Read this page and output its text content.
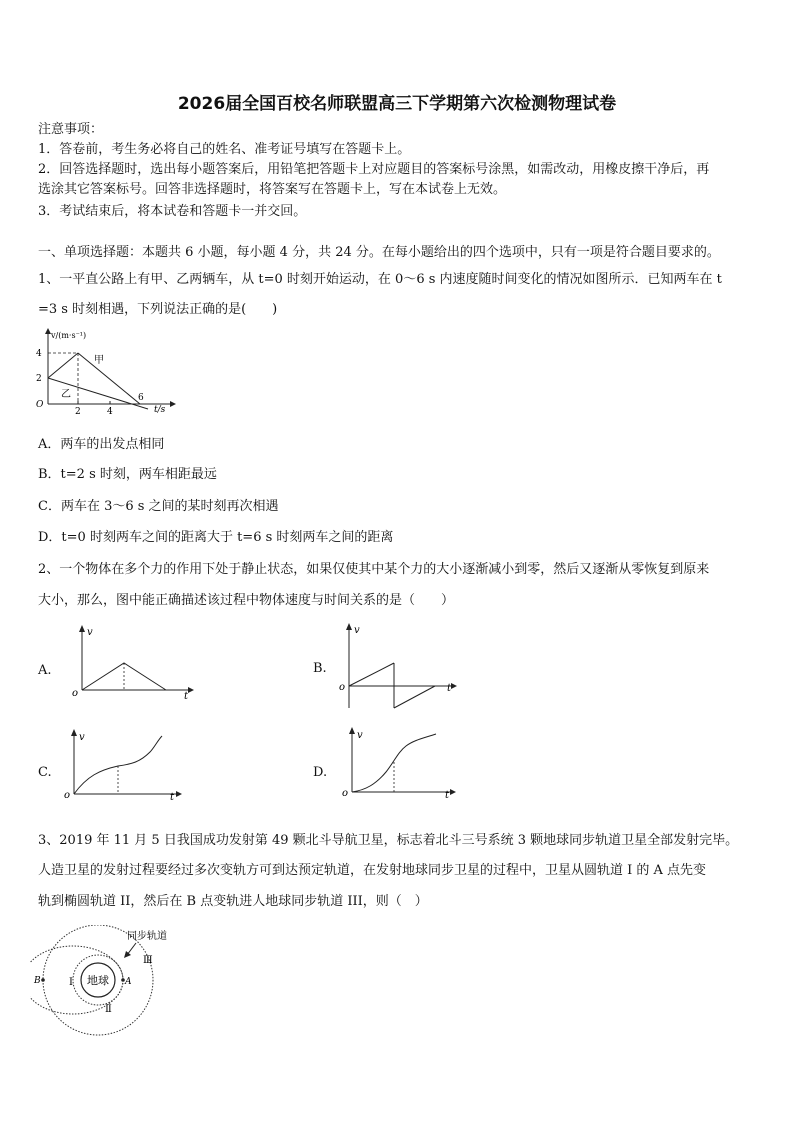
2026届全国百校名师联盟高三下学期第六次检测物理试卷
注意事项：
1．答卷前，考生务必将自己的姓名、准考证号填写在答题卡上。
2．回答选择题时，选出每小题答案后，用铅笔把答题卡上对应题目的答案标号涂黑，如需改动，用橡皮擦干净后，再
选涂其它答案标号。回答非选择题时，将答案写在答题卡上，写在本试卷上无效。
3．考试结束后，将本试卷和答题卡一并交回。
一、单项选择题：本题共 6 小题，每小题 4 分，共 24 分。在每小题给出的四个选项中，只有一项是符合题目要求的。
1、一平直公路上有甲、乙两辆车，从 t=0 时刻开始运动，在 0～6 s 内速度随时间变化的情况如图所示．已知两车在 t
=3 s 时刻相遇，下列说法正确的是(　　)
v/(m·s⁻¹)
4
2
O
2	4
6
t/s
甲
乙
A．两车的出发点相同
B．t=2 s 时刻，两车相距最远
C．两车在 3～6 s 之间的某时刻再次相遇
D．t=0 时刻两车之间的距离大于 t=6 s 时刻两车之间的距离
2、一个物体在多个力的作用下处于静止状态，如果仅使其中某个力的大小逐渐减小到零，然后又逐渐从零恢复到原来
大小，那么，图中能正确描述该过程中物体速度与时间关系的是（　　）
A.
v
o	t
B.
v
o	t
C.
v
o	t
D.
v
o	t
3、2019 年 11 月 5 日我国成功发射第 49 颗北斗导航卫星，标志着北斗三号系统 3 颗地球同步轨道卫星全部发射完毕。
人造卫星的发射过程要经过多次变轨方可到达预定轨道，在发射地球同步卫星的过程中，卫星从圆轨道 I 的 A 点先变
轨到椭圆轨道 II，然后在 B 点变轨进人地球同步轨道 III，则（　）
地球 A
B	I
Ⅱ
Ⅲ
同步轨道
